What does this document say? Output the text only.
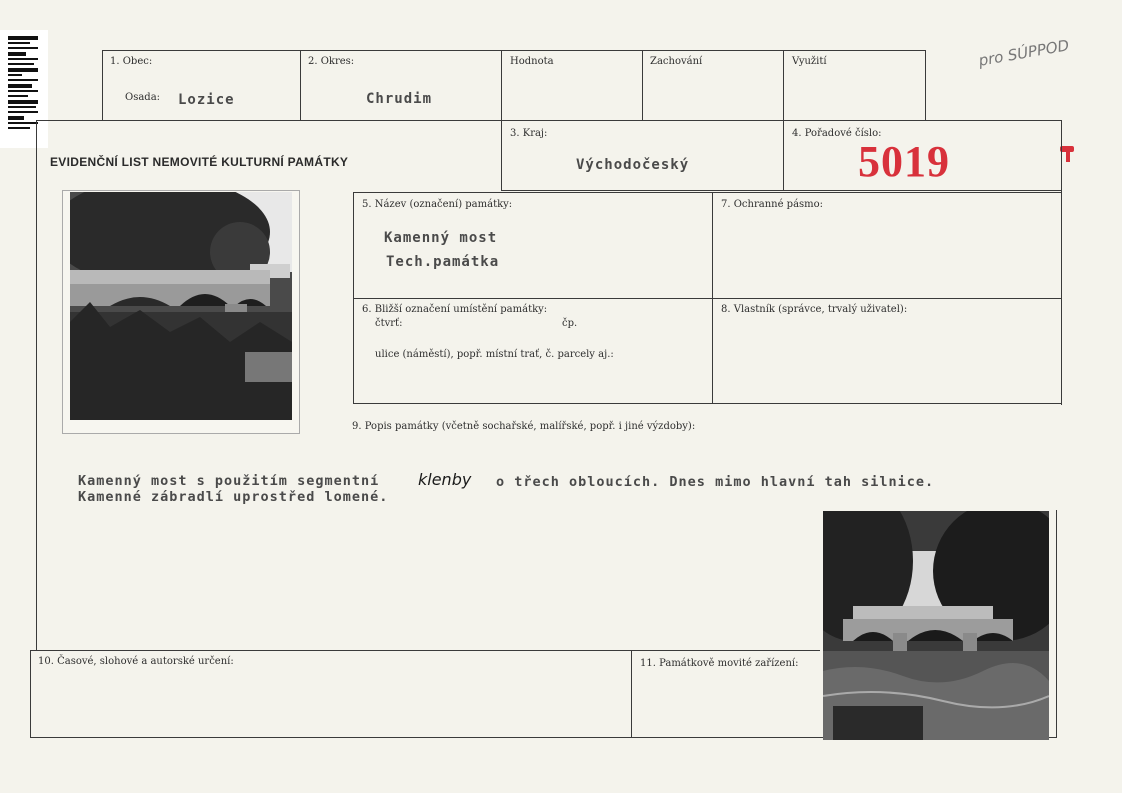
pro SÚPPOD
1. Obec:
Osada: Lozice
2. Okres:
Chrudim
Hodnota	Zachování	Využití
EVIDENČNÍ LIST NEMOVITÉ KULTURNÍ PAMÁTKY
3. Kraj:
Východočeský
4. Pořadové číslo:
5019
5. Název (označení) památky:
Kamenný most
Tech.památka
7. Ochranné pásmo:
6. Bližší označení umístění památky:
čtvrť:	čp.
ulice (náměstí), popř. místní trať, č. parcely aj.:
8. Vlastník (správce, trvalý uživatel):
9. Popis památky (včetně sochařské, malířské, popř. i jiné výzdoby):
Kamenný most s použitím segmentní klenby o třech obloucích. Dnes mimo hlavní tah silnice.
Kamenné zábradlí uprostřed lomené.
10. Časové, slohové a autorské určení:	11. Památkově movité zařízení:
